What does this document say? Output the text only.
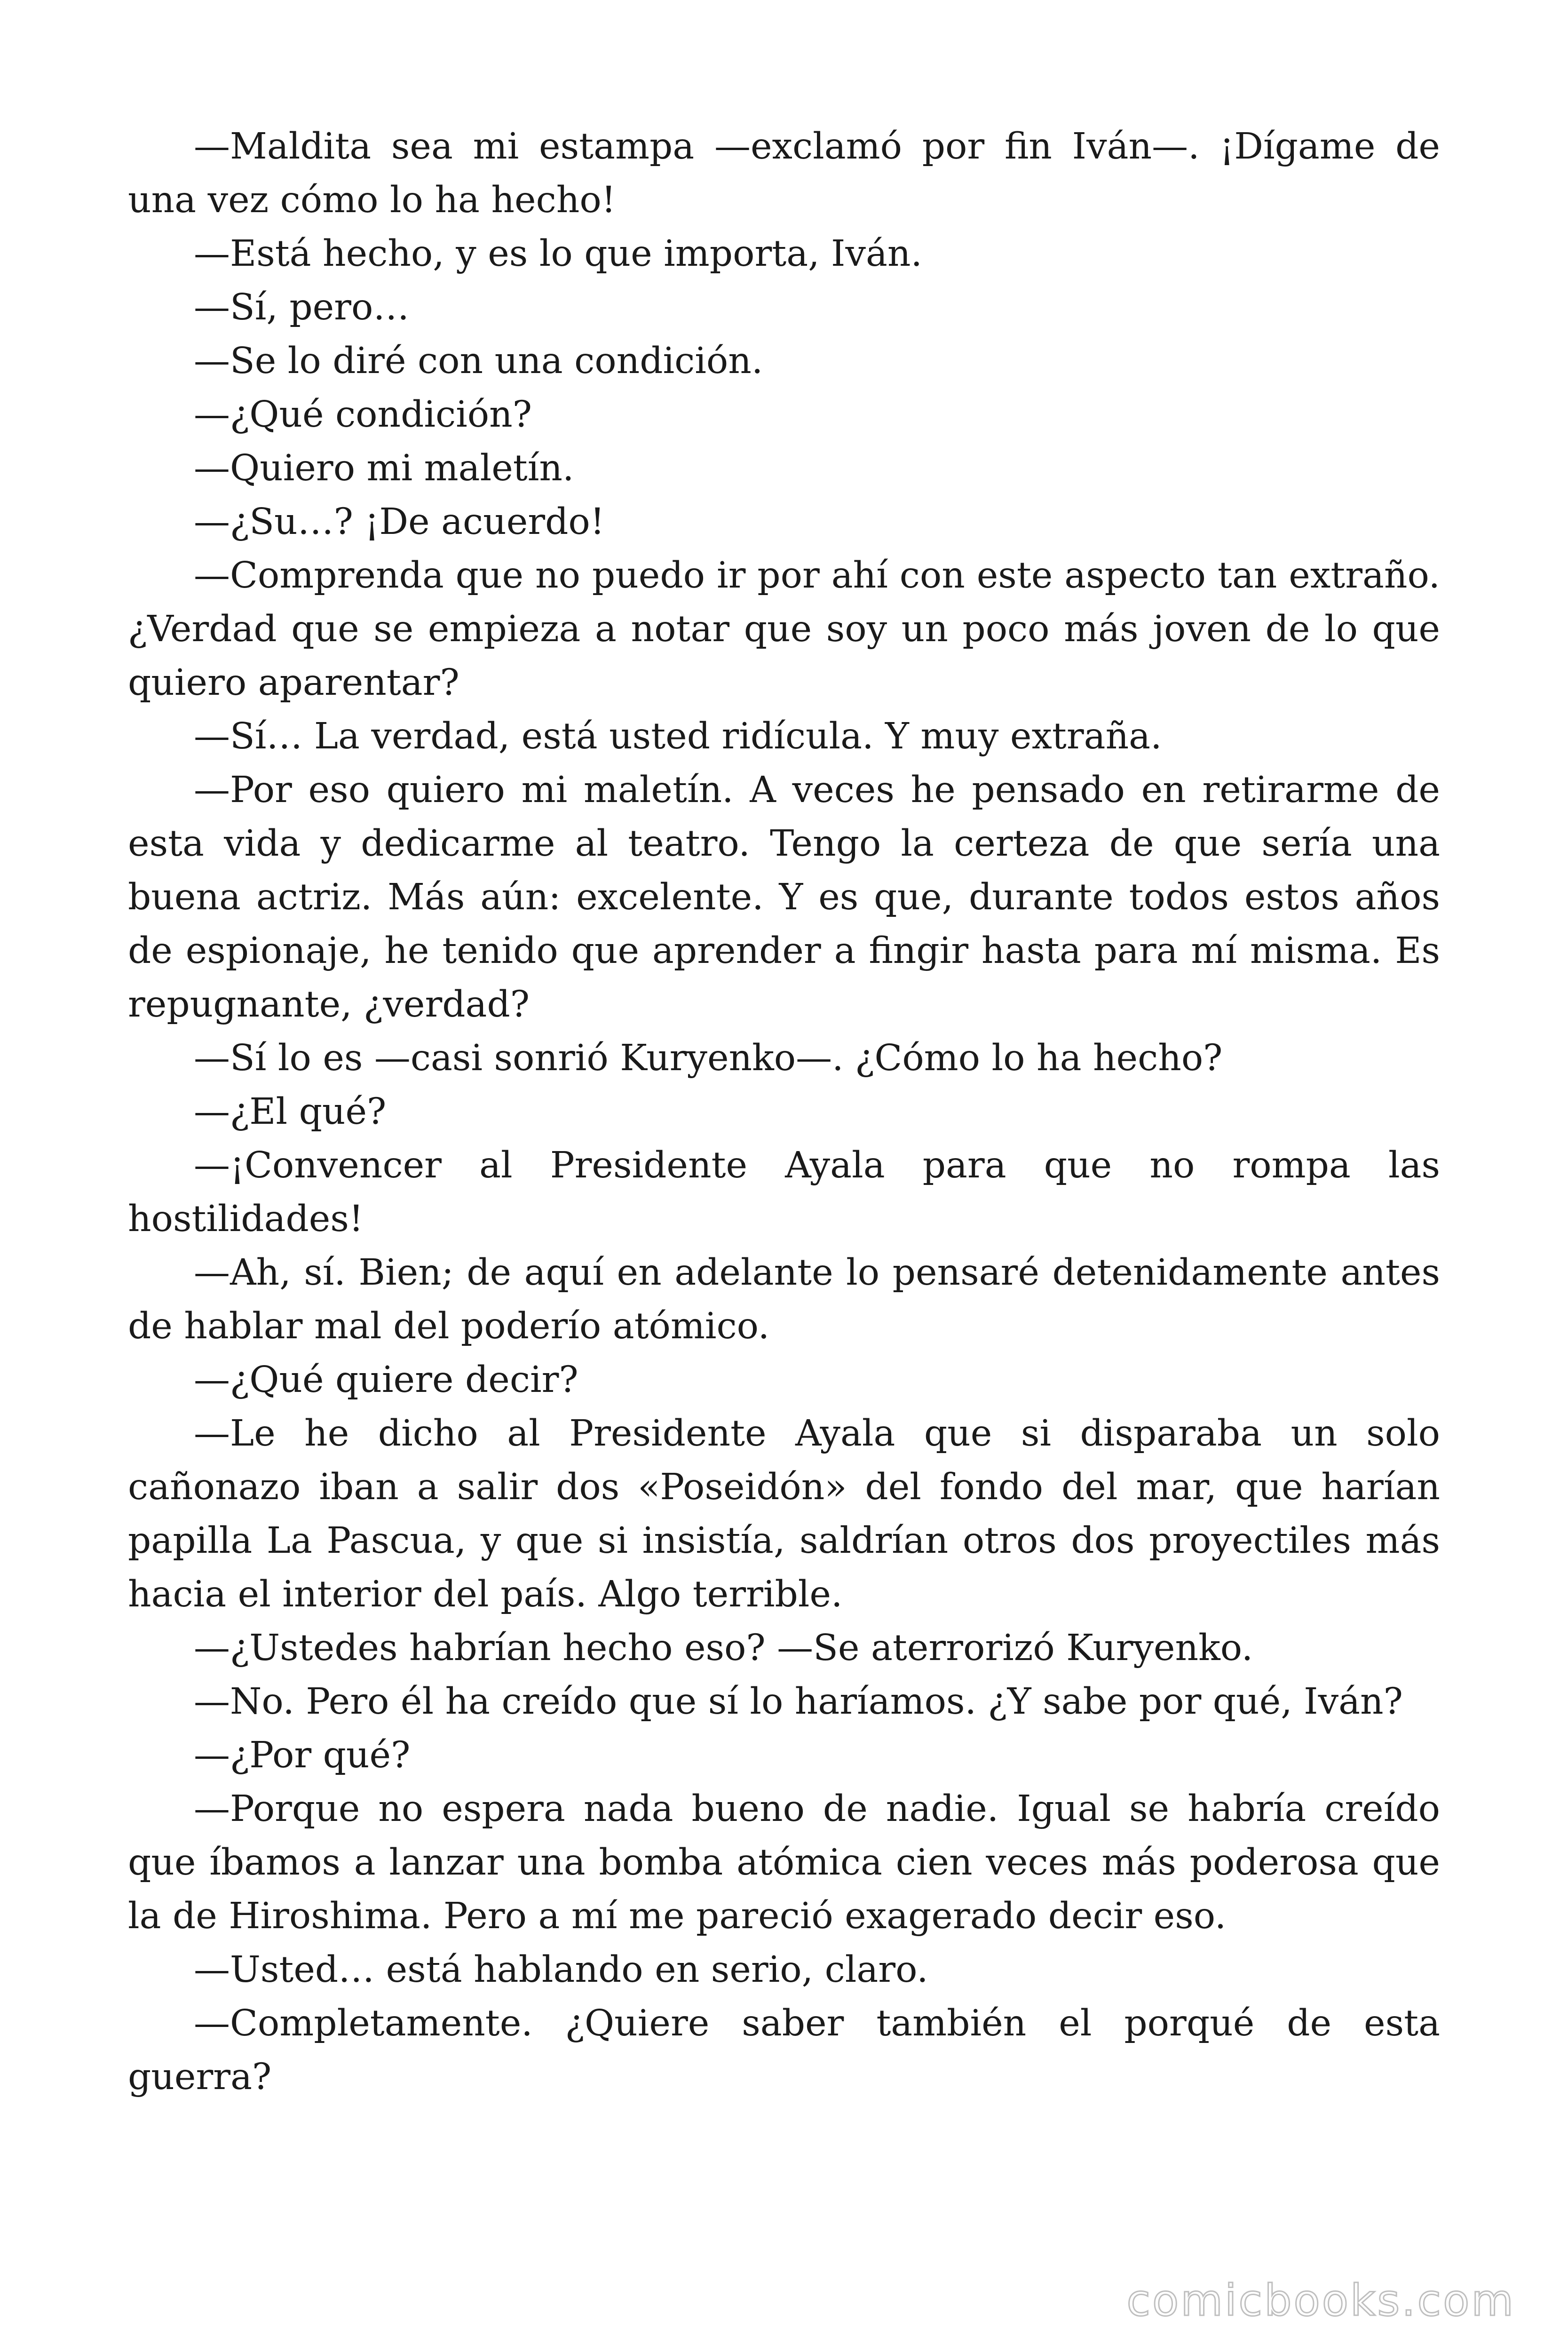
—Maldita sea mi estampa —exclamó por fin Iván—. ¡Dígame de una vez cómo lo ha hecho!

—Está hecho, y es lo que importa, Iván.

—Sí, pero…

—Se lo diré con una condición.

—¿Qué condición?

—Quiero mi maletín.

—¿Su…? ¡De acuerdo!

—Comprenda que no puedo ir por ahí con este aspecto tan extraño. ¿Verdad que se empieza a notar que soy un poco más joven de lo que quiero aparentar?

—Sí… La verdad, está usted ridícula. Y muy extraña.

—Por eso quiero mi maletín. A veces he pensado en retirarme de esta vida y dedicarme al teatro. Tengo la certeza de que sería una buena actriz. Más aún: excelente. Y es que, durante todos estos años de espionaje, he tenido que aprender a fingir hasta para mí misma. Es repugnante, ¿verdad?

—Sí lo es —casi sonrió Kuryenko—. ¿Cómo lo ha hecho?

—¿El qué?

—¡Convencer al Presidente Ayala para que no rompa las hostilidades!

—Ah, sí. Bien; de aquí en adelante lo pensaré detenidamente antes de hablar mal del poderío atómico.

—¿Qué quiere decir?

—Le he dicho al Presidente Ayala que si disparaba un solo cañonazo iban a salir dos «Poseidón» del fondo del mar, que harían papilla La Pascua, y que si insistía, saldrían otros dos proyectiles más hacia el interior del país. Algo terrible.

—¿Ustedes habrían hecho eso? —Se aterrorizó Kuryenko.

—No. Pero él ha creído que sí lo haríamos. ¿Y sabe por qué, Iván?

—¿Por qué?

—Porque no espera nada bueno de nadie. Igual se habría creído que íbamos a lanzar una bomba atómica cien veces más poderosa que la de Hiroshima. Pero a mí me pareció exagerado decir eso.

—Usted… está hablando en serio, claro.

—Completamente. ¿Quiere saber también el porqué de esta guerra?

comicbooks.com
